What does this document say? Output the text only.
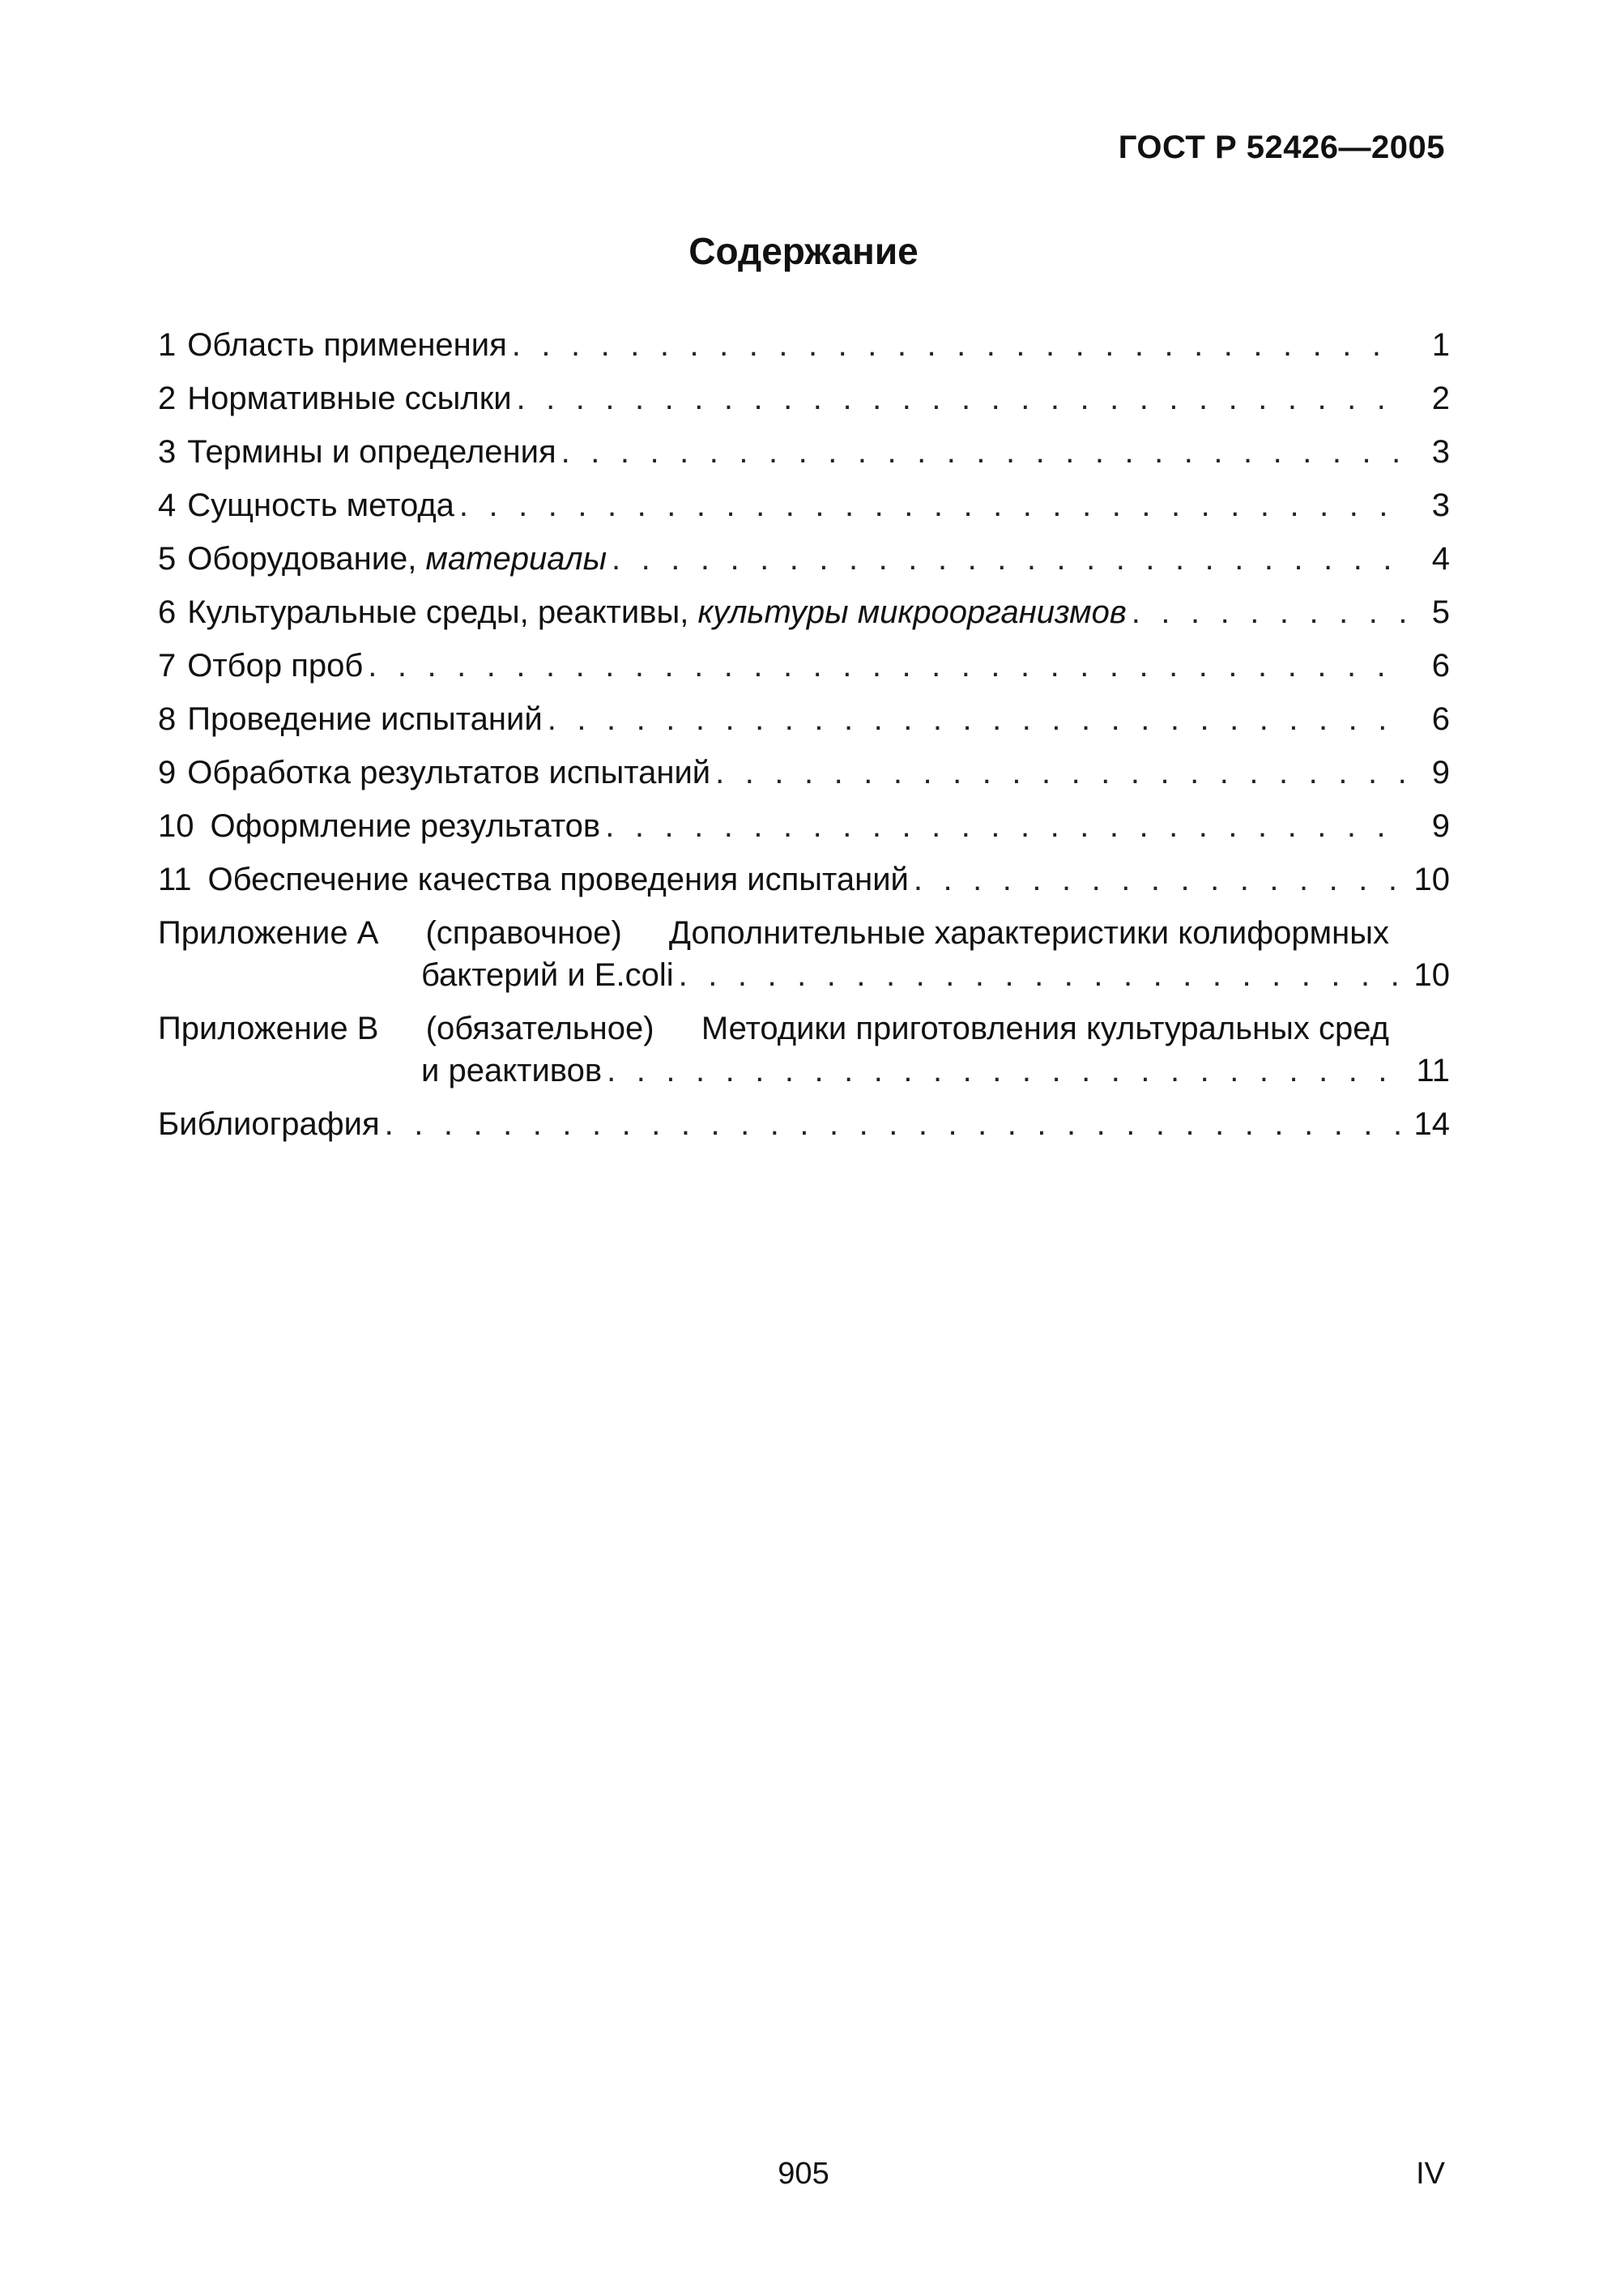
ГОСТ Р 52426—2005
Содержание
1 Область применения . . .	1
2 Нормативные ссылки . . .	2
3 Термины и определения . . .	3
4 Сущность метода . . .	3
5 Оборудование, материалы . . .	4
6 Культуральные среды, реактивы, культуры микроорганизмов . . .	5
7 Отбор проб . . .	6
8 Проведение испытаний . . .	6
9 Обработка результатов испытаний . . .	9
10 Оформление результатов . . .	9
11 Обеспечение качества проведения испытаний . . .	10
Приложение А (справочное) Дополнительные характеристики колиформных
бактерий и E.coli . . .	10
Приложение В (обязательное) Методики приготовления культуральных сред
и реактивов . . .	11
Библиография . . .	14
905	IV
